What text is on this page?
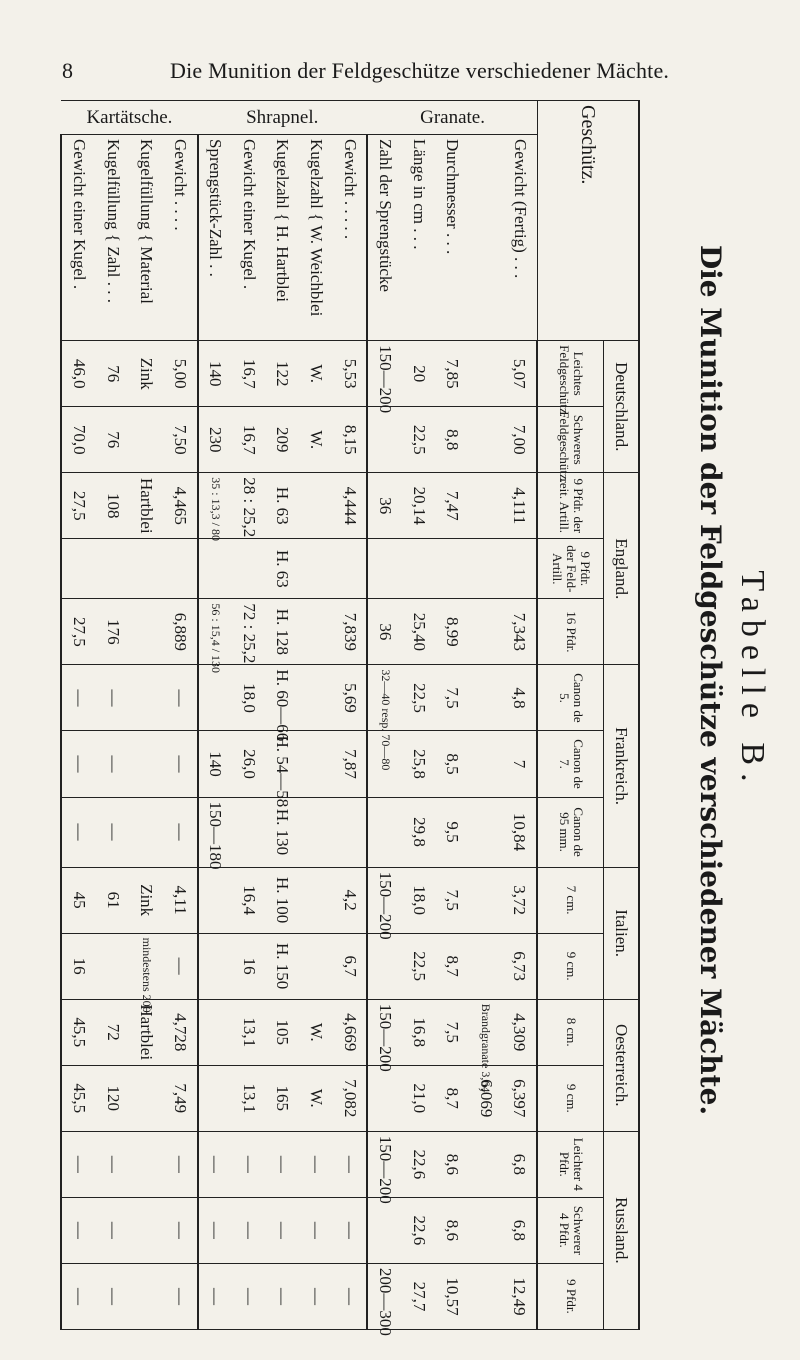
8	Die Munition der Feldgeschütze verschiedener Mächte.
Tabelle B.
Die Munition der Feldgeschütze verschiedener Mächte.
Geschütz.		Deutschland.		England.			Frankreich.			Italien.		Oesterreich.		Russland.		
		Leichtes Feldgeschütz.	Schweres Feldgeschütz.	9 Pfdr. der reit. Artill.	9 Pfdr. der Feld-Artill.	16 Pfdr.	Canon de 5.	Canon de 7.	Canon de 95 mm.	7 cm.	9 cm.	8 cm.	9 cm.	Leichter 4 Pfdr.	Schwerer 4 Pfdr.	9 Pfdr.
Granate.	Gewicht (Fertig) . . .	5,07	7,00	4,111		7,343	4,8	7	10,84	3,72	6,73	4,309	6,397	6,8	6,8	12,49
												Brandgranate 3,64	6,069			
	Durchmesser . . .	7,85	8,8	7,47		8,99	7,5	8,5	9,5	7,5	8,7	7,5	8,7	8,6	8,6	10,57
	Länge in cm . . .	20	22,5	20,14		25,40	22,5	25,8	29,8	18,0	22,5	16,8	21,0	22,6	22,6	27,7
	Zahl der Sprengstücke	150—200		36		36	32—40 resp. 70—80			150—200		150—200		150—200		200—300
Shrapnel.	Gewicht . . . . .	5,53	8,15	4,444		7,839	5,69	7,87		4,2	6,7	4,669	7,082	—	—	—
	Kugelzahl { W. Weichblei	W.	W.									W.	W.	—	—	—
	Kugelzahl { H. Hartblei	122	209	H. 63	H. 63	H. 128	H. 60—66	H. 54—58	H. 130	H. 100	H. 150	105	165	—	—	—
	Gewicht einer Kugel .	16,7	16,7	28 : 25,2		72 : 25,2	18,0	26,0		16,4	16	13,1	13,1	—	—	—
	Sprengstück-Zahl . .	140	230	35 : 13,3 / 80		56 : 15,4 / 130		140	150—180					—	—	—
Kartätsche.	Gewicht . . . .	5,00	7,50	4,465		6,889	—	—	—	4,11	—	4,728	7,49	—	—	—
	Kugelfüllung { Material	Zink		Hartblei						Zink	mindestens 200	Hartblei				
	Kugelfüllung { Zahl . . .	76	76	108		176	—	—	—	61		72	120	—	—	—
	Gewicht einer Kugel .	46,0	70,0	27,5		27,5	—	—	—	45	16	45,5	45,5	—	—	—
